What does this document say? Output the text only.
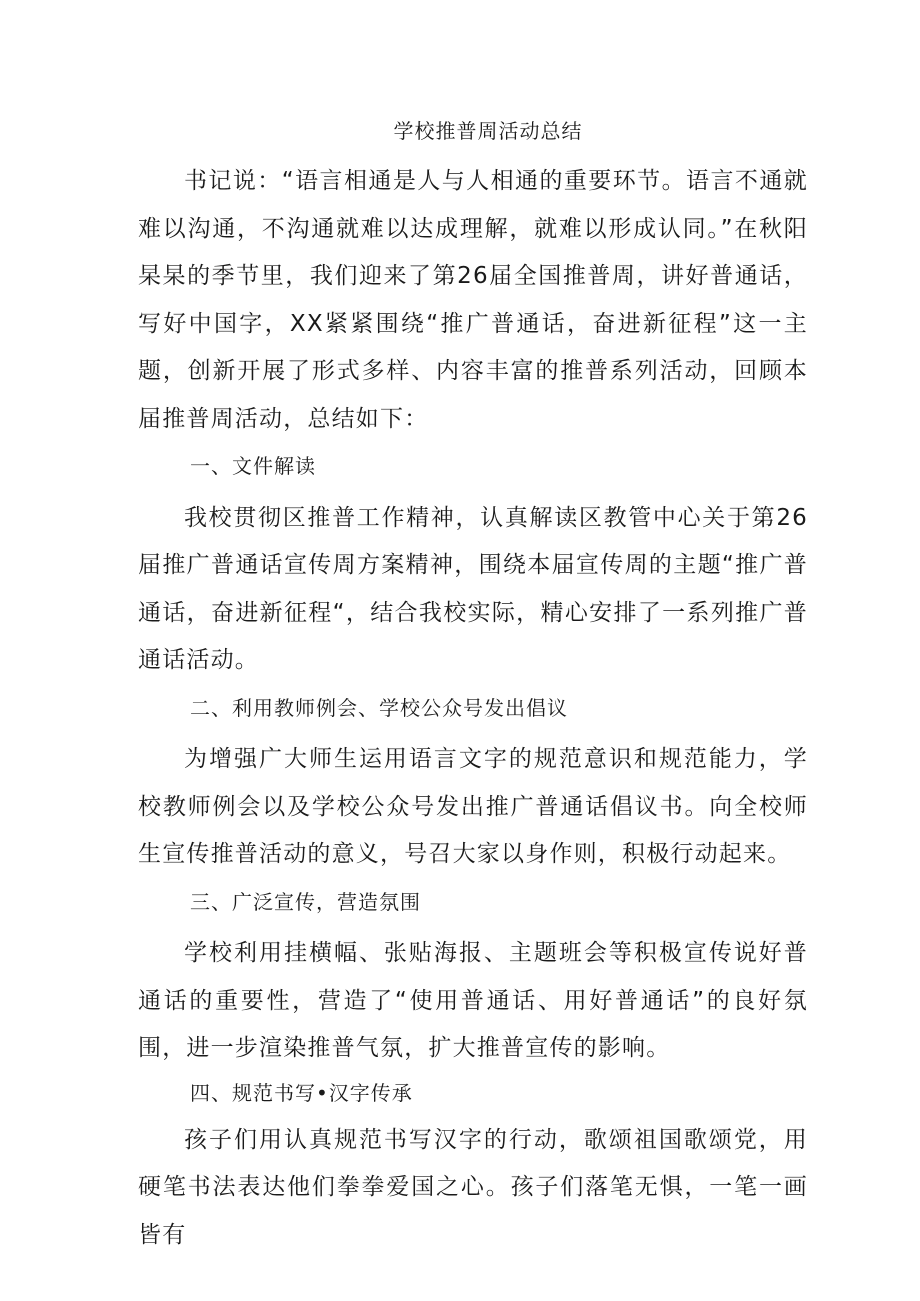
学校推普周活动总结

书记说：“语言相通是人与人相通的重要环节。语言不通就难以沟通，不沟通就难以达成理解，就难以形成认同。”在秋阳杲杲的季节里，我们迎来了第26届全国推普周，讲好普通话，写好中国字，XX紧紧围绕“推广普通话，奋进新征程”这一主题，创新开展了形式多样、内容丰富的推普系列活动，回顾本届推普周活动，总结如下：

一、文件解读

我校贯彻区推普工作精神，认真解读区教管中心关于第26届推广普通话宣传周方案精神，围绕本届宣传周的主题“推广普通话，奋进新征程“，结合我校实际，精心安排了一系列推广普通话活动。

二、利用教师例会、学校公众号发出倡议

为增强广大师生运用语言文字的规范意识和规范能力，学校教师例会以及学校公众号发出推广普通话倡议书。向全校师生宣传推普活动的意义，号召大家以身作则，积极行动起来。

三、广泛宣传，营造氛围

学校利用挂横幅、张贴海报、主题班会等积极宣传说好普通话的重要性，营造了“使用普通话、用好普通话”的良好氛围，进一步渲染推普气氛，扩大推普宣传的影响。

四、规范书写•汉字传承

孩子们用认真规范书写汉字的行动，歌颂祖国歌颂党，用硬笔书法表达他们拳拳爱国之心。孩子们落笔无惧，一笔一画皆有
